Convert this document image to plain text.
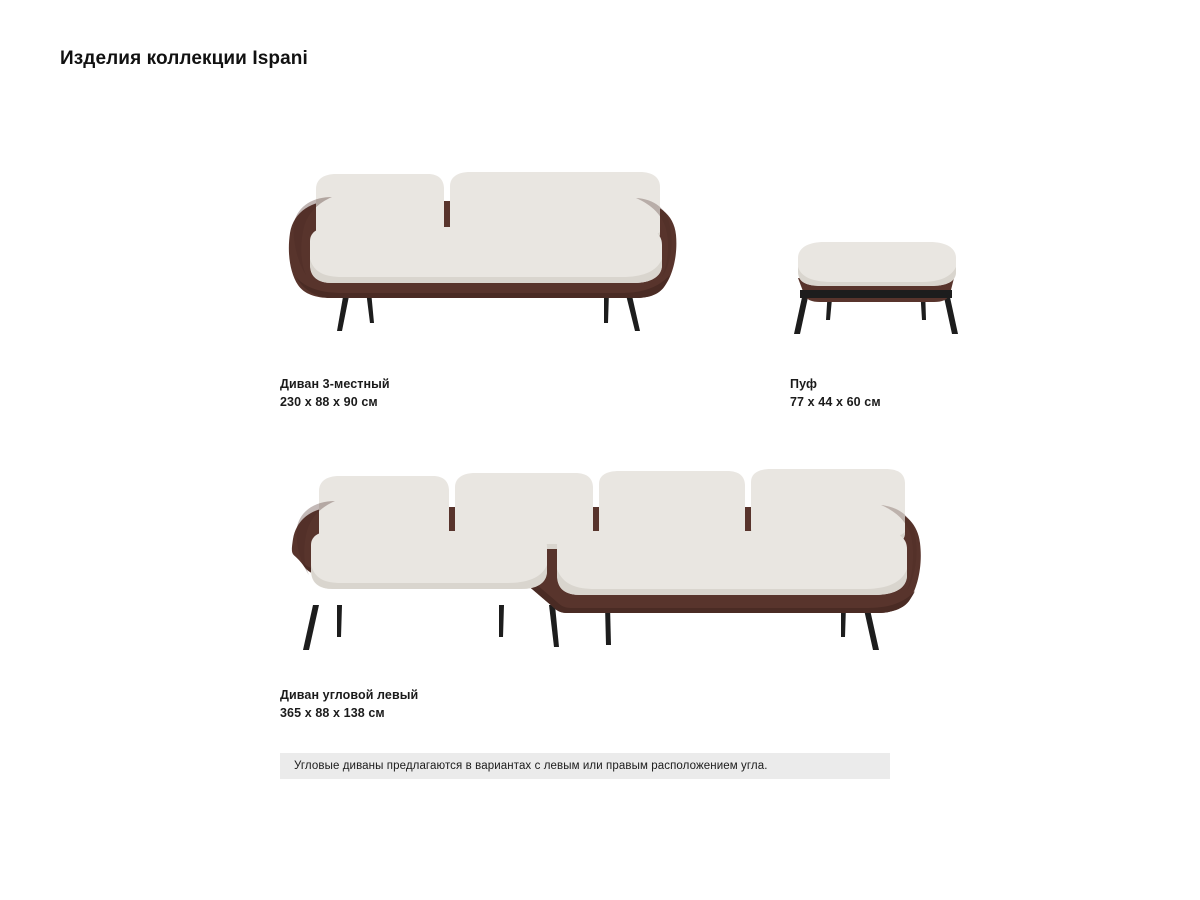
Изделия коллекции Ispani
Диван 3-местный
230 x 88 x 90 см
Пуф
77 x 44 x 60 см
Диван угловой левый
365 x 88 x 138 см
Угловые диваны предлагаются в вариантах с левым или правым расположением угла.
